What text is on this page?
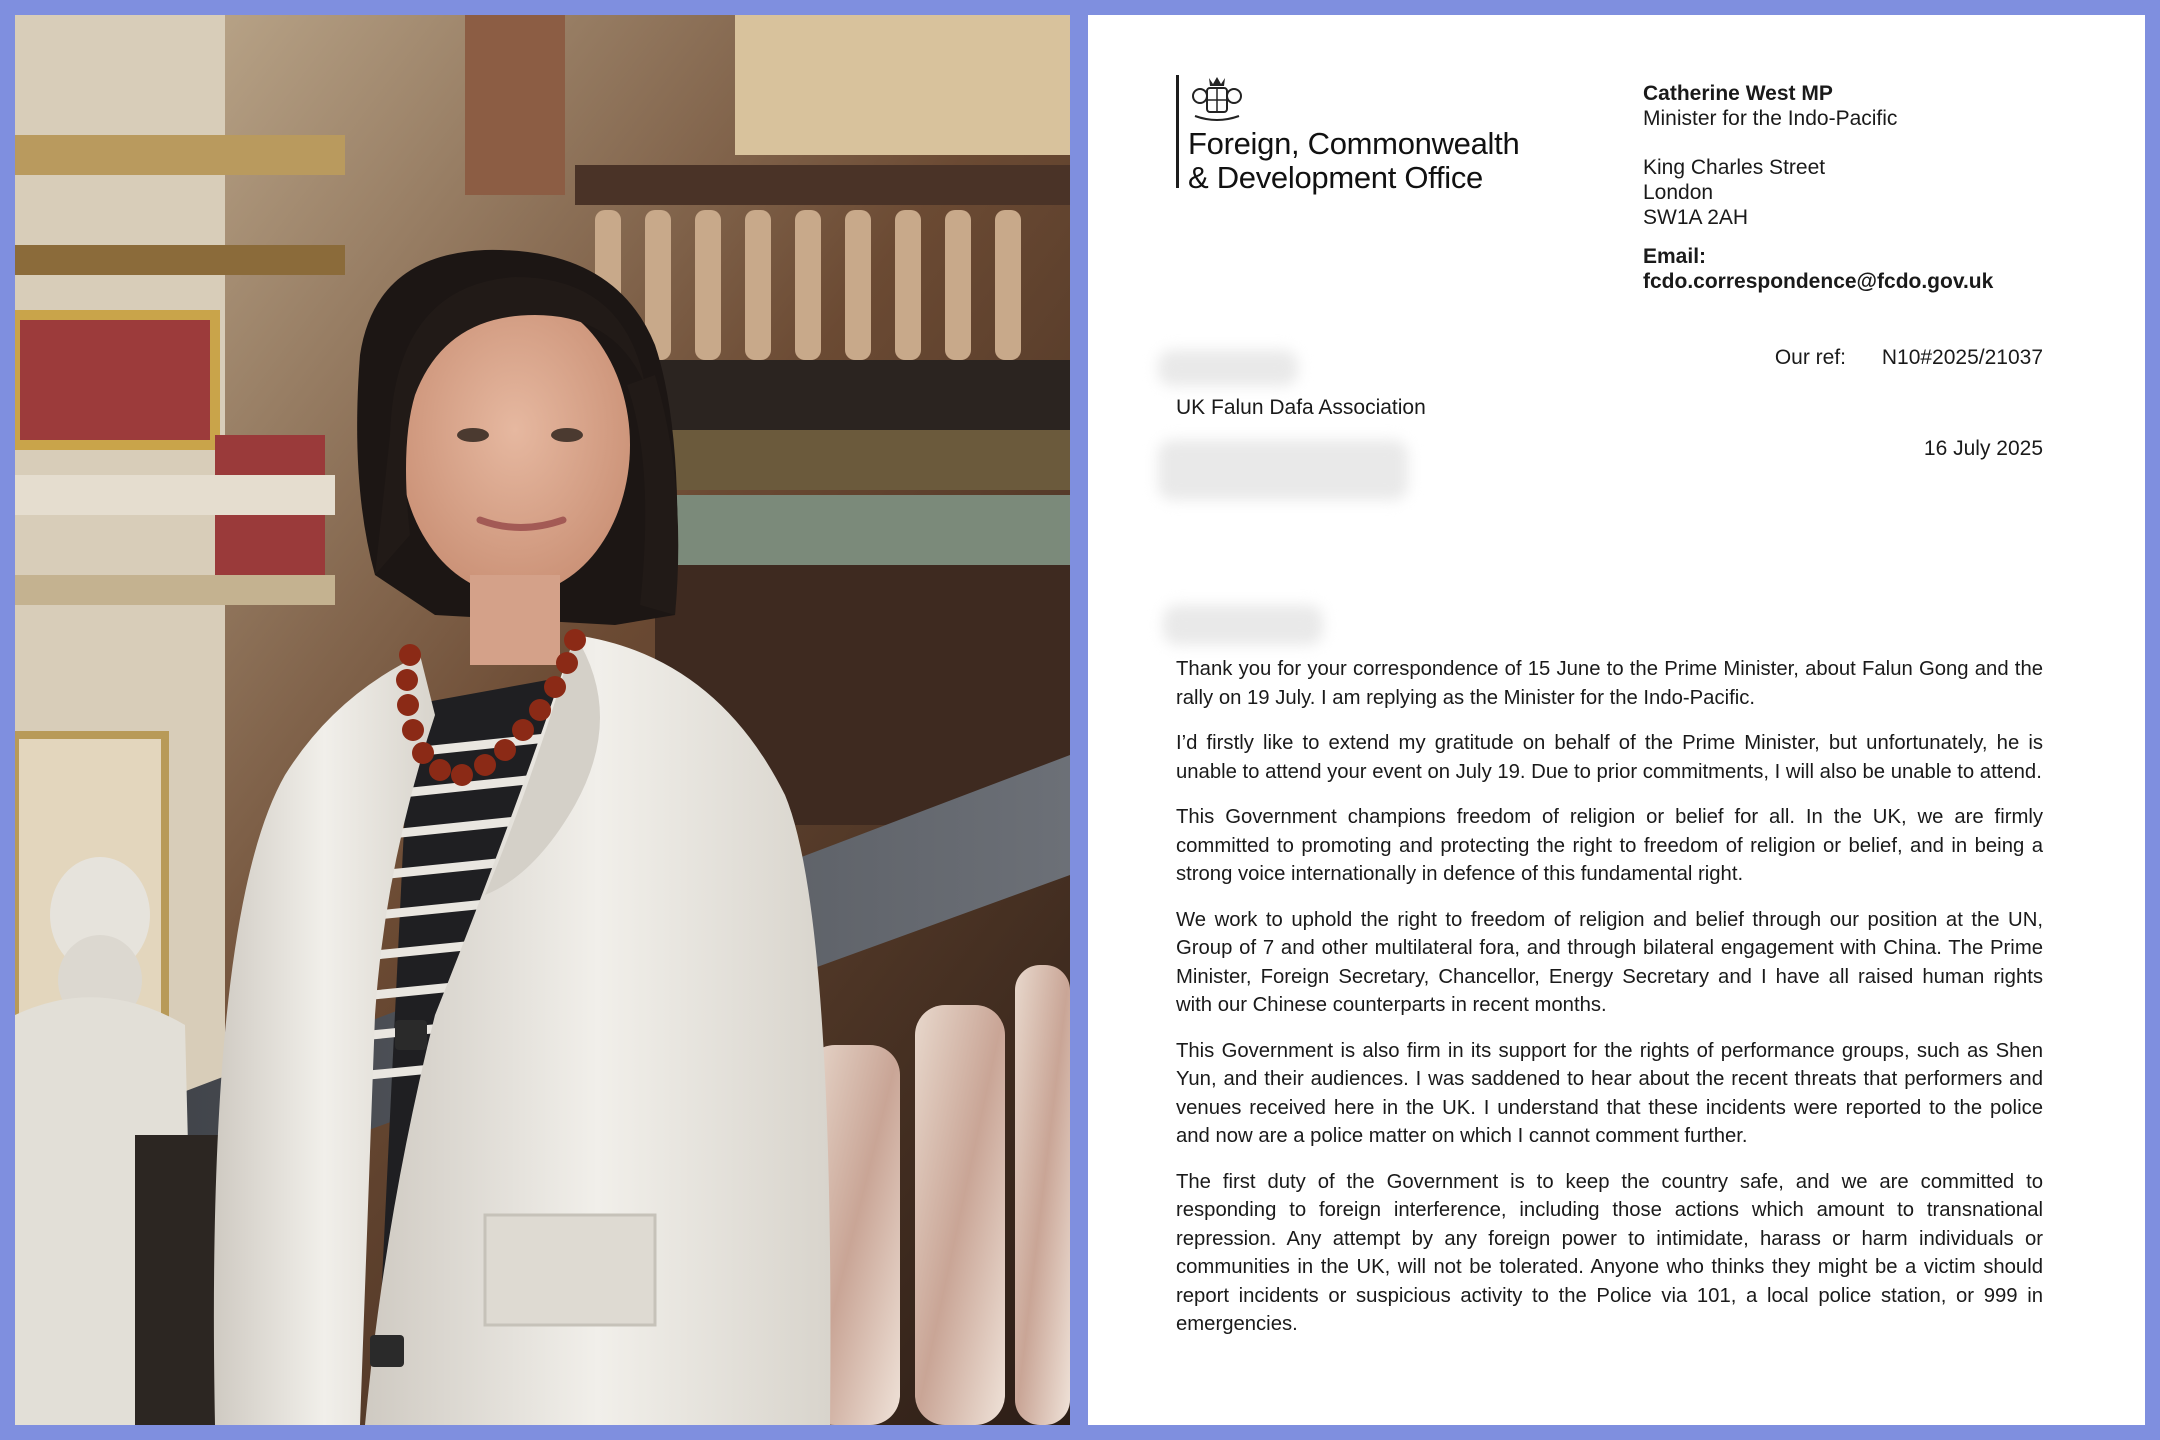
Foreign, Commonwealth
& Development Office
Catherine West MP
Minister for the Indo-Pacific
King Charles Street
London
SW1A 2AH
Email:
fcdo.correspondence@fcdo.gov.uk
Our ref: N10#2025/21037
UK Falun Dafa Association
16 July 2025

Thank you for your correspondence of 15 June to the Prime Minister, about Falun Gong and the rally on 19 July. I am replying as the Minister for the Indo-Pacific.

I’d firstly like to extend my gratitude on behalf of the Prime Minister, but unfortunately, he is unable to attend your event on July 19. Due to prior commitments, I will also be unable to attend.

This Government champions freedom of religion or belief for all. In the UK, we are firmly committed to promoting and protecting the right to freedom of religion or belief, and in being a strong voice internationally in defence of this fundamental right.

We work to uphold the right to freedom of religion and belief through our position at the UN, Group of 7 and other multilateral fora, and through bilateral engagement with China. The Prime Minister, Foreign Secretary, Chancellor, Energy Secretary and I have all raised human rights with our Chinese counterparts in recent months.

This Government is also firm in its support for the rights of performance groups, such as Shen Yun, and their audiences. I was saddened to hear about the recent threats that performers and venues received here in the UK. I understand that these incidents were reported to the police and now are a police matter on which I cannot comment further.

The first duty of the Government is to keep the country safe, and we are committed to responding to foreign interference, including those actions which amount to transnational repression. Any attempt by any foreign power to intimidate, harass or harm individuals or communities in the UK, will not be tolerated. Anyone who thinks they might be a victim should report incidents or suspicious activity to the Police via 101, a local police station, or 999 in emergencies.
